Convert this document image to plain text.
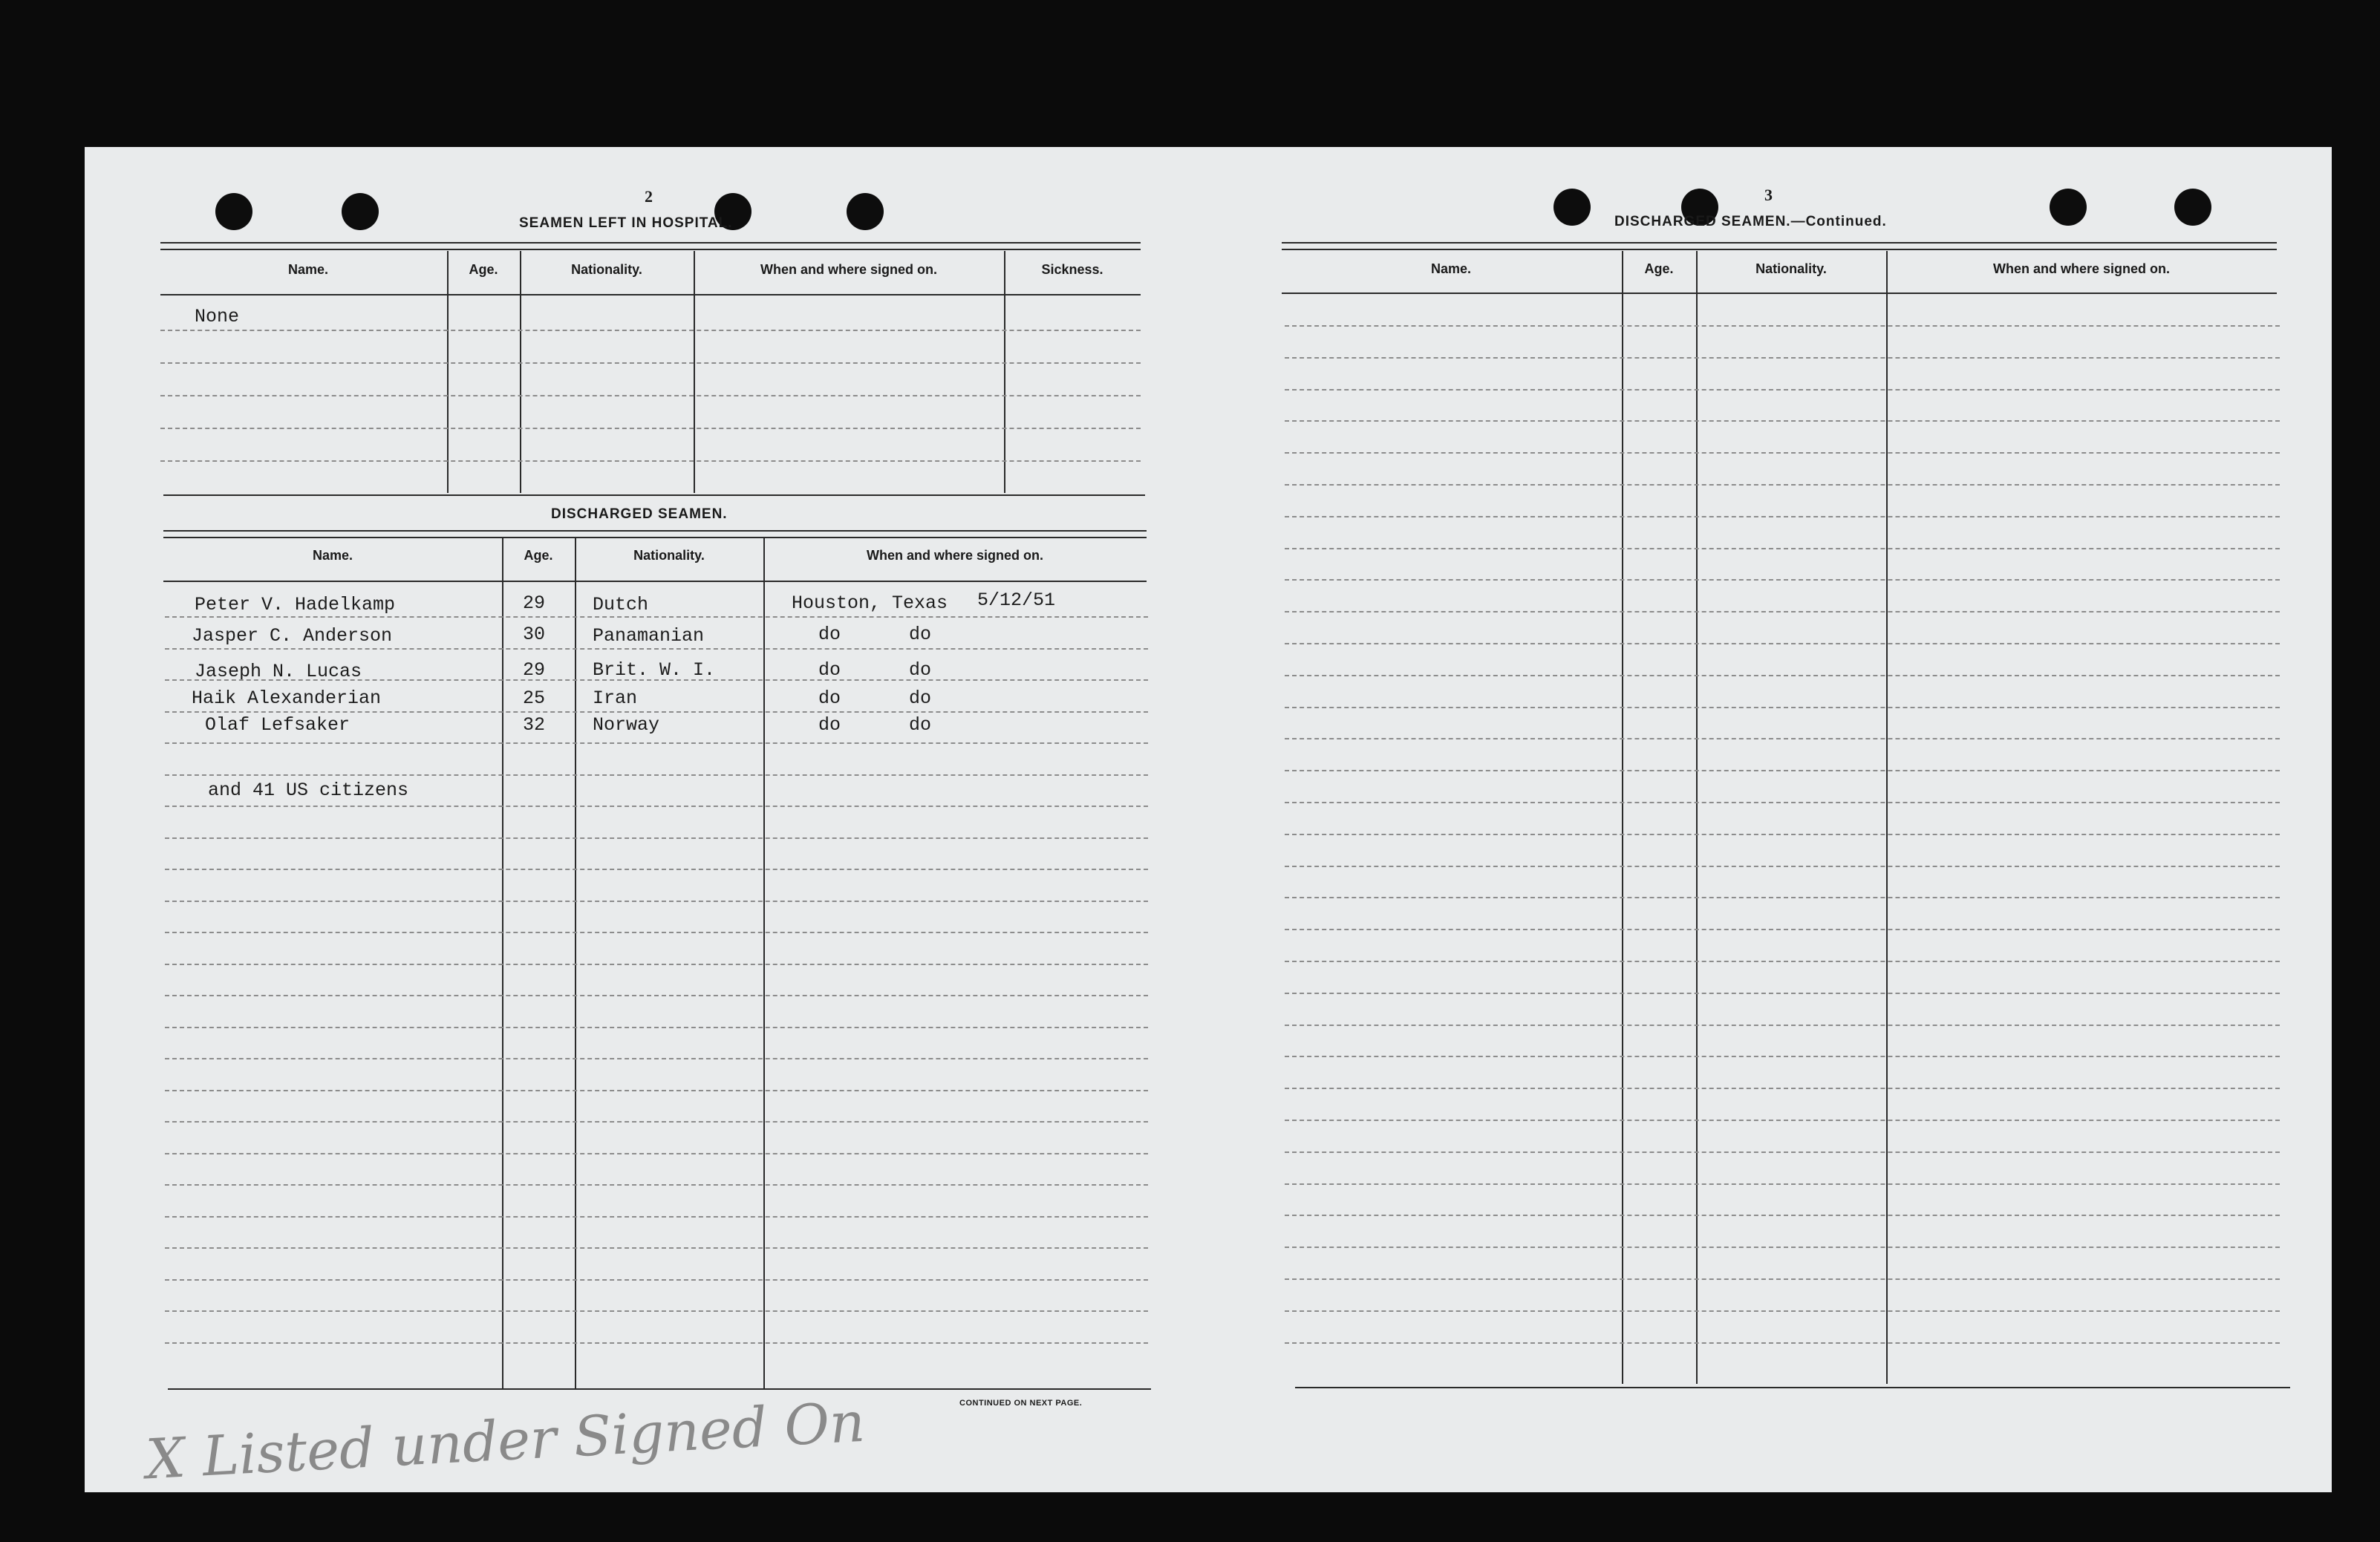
2
SEAMEN LEFT IN HOSPITAL.
Name.	Age.	Nationality.	When and where signed on.	Sickness.
None
DISCHARGED SEAMEN.
Name.	Age.	Nationality.	When and where signed on.
Peter V. Hadelkamp	29	Dutch	Houston, Texas 5/12/51
Jasper C. Anderson	30	Panamanian	do	do
Jaseph N. Lucas	29	Brit. W. I.	do	do
Haik Alexanderian	25	Iran	do	do
Olaf Lefsaker	32	Norway	do	do
and 41 US citizens
CONTINUED ON NEXT PAGE.
X Listed under Signed On
3
DISCHARGED SEAMEN.—Continued.
Name.	Age.	Nationality.	When and where signed on.
